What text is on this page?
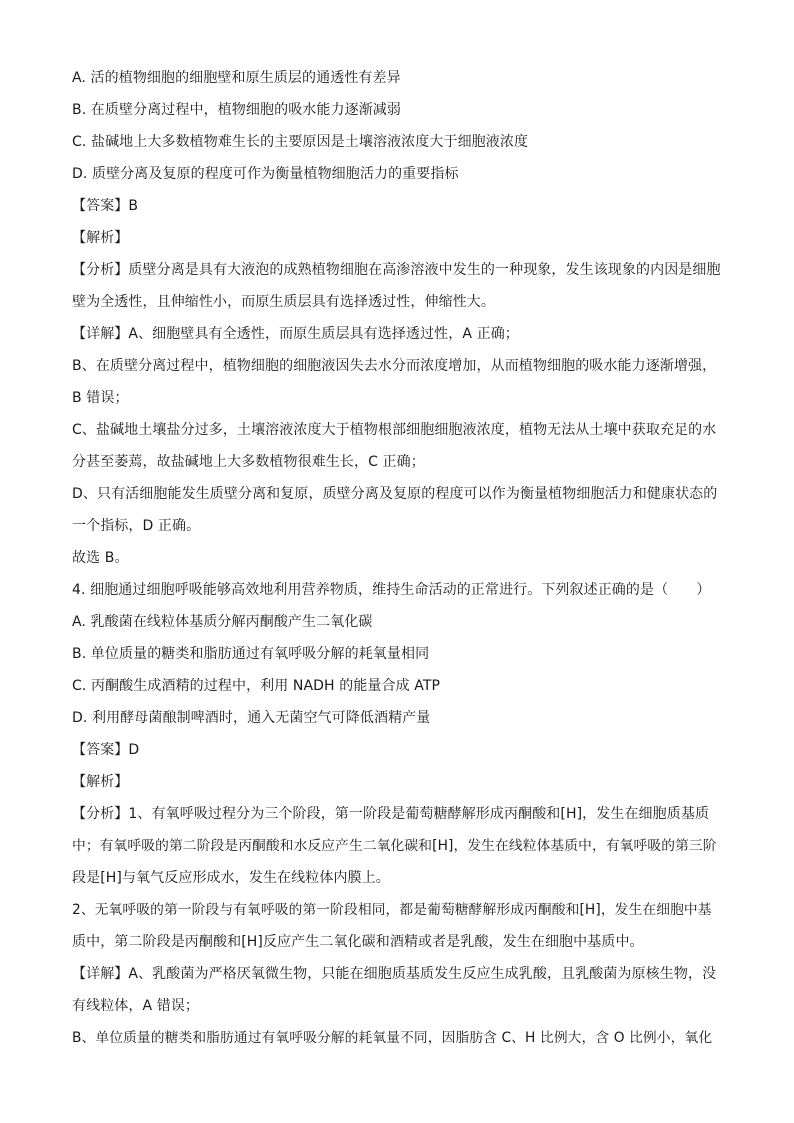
A. 活的植物细胞的细胞壁和原生质层的通透性有差异
B. 在质壁分离过程中，植物细胞的吸水能力逐渐减弱
C. 盐碱地上大多数植物难生长的主要原因是土壤溶液浓度大于细胞液浓度
D. 质壁分离及复原的程度可作为衡量植物细胞活力的重要指标
【答案】B
【解析】
【分析】质壁分离是具有大液泡的成熟植物细胞在高渗溶液中发生的一种现象，发生该现象的内因是细胞
壁为全透性，且伸缩性小，而原生质层具有选择透过性，伸缩性大。
【详解】A、细胞壁具有全透性，而原生质层具有选择透过性，A 正确；
B、在质壁分离过程中，植物细胞的细胞液因失去水分而浓度增加，从而植物细胞的吸水能力逐渐增强，
B 错误；
C、盐碱地土壤盐分过多，土壤溶液浓度大于植物根部细胞细胞液浓度，植物无法从土壤中获取充足的水
分甚至萎蔫，故盐碱地上大多数植物很难生长，C 正确；
D、只有活细胞能发生质壁分离和复原，质壁分离及复原的程度可以作为衡量植物细胞活力和健康状态的
一个指标，D 正确。
故选 B。
4. 细胞通过细胞呼吸能够高效地利用营养物质，维持生命活动的正常进行。下列叙述正确的是（　　）
A. 乳酸菌在线粒体基质分解丙酮酸产生二氧化碳
B. 单位质量的糖类和脂肪通过有氧呼吸分解的耗氧量相同
C. 丙酮酸生成酒精的过程中，利用 NADH 的能量合成 ATP
D. 利用酵母菌酿制啤酒时，通入无菌空气可降低酒精产量
【答案】D
【解析】
【分析】1、有氧呼吸过程分为三个阶段，第一阶段是葡萄糖酵解形成丙酮酸和[H]，发生在细胞质基质
中；有氧呼吸的第二阶段是丙酮酸和水反应产生二氧化碳和[H]，发生在线粒体基质中，有氧呼吸的第三阶
段是[H]与氧气反应形成水，发生在线粒体内膜上。
2、无氧呼吸的第一阶段与有氧呼吸的第一阶段相同，都是葡萄糖酵解形成丙酮酸和[H]，发生在细胞中基
质中，第二阶段是丙酮酸和[H]反应产生二氧化碳和酒精或者是乳酸，发生在细胞中基质中。
【详解】A、乳酸菌为严格厌氧微生物，只能在细胞质基质发生反应生成乳酸，且乳酸菌为原核生物，没
有线粒体，A 错误；
B、单位质量的糖类和脂肪通过有氧呼吸分解的耗氧量不同，因脂肪含 C、H 比例大，含 O 比例小，氧化
